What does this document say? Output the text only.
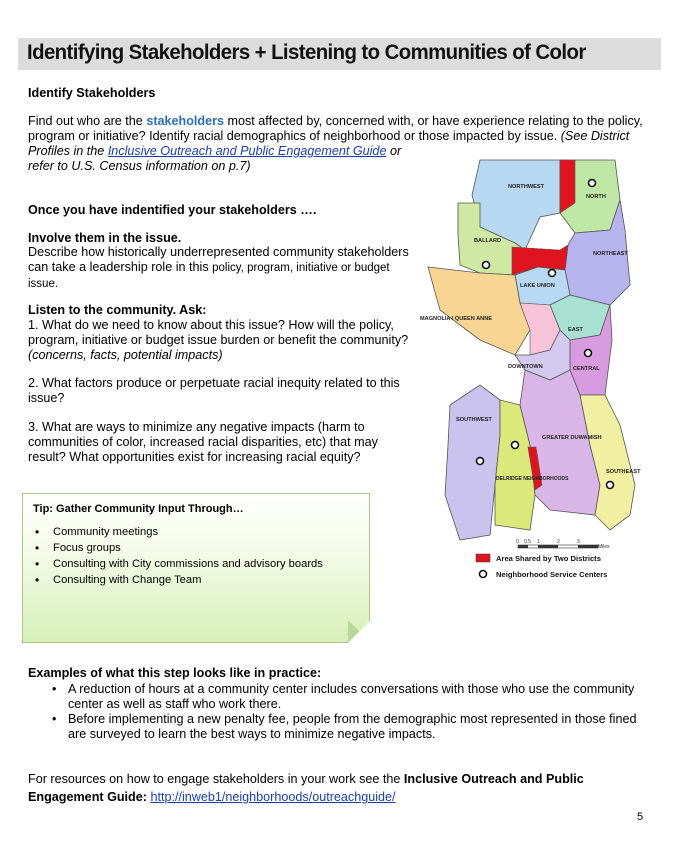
Identifying Stakeholders + Listening to Communities of Color
Identify Stakeholders
Find out who are the stakeholders most affected by, concerned with, or have experience relating to the policy, program or initiative? Identify racial demographics of neighborhood or those impacted by issue. (See District Profiles in the Inclusive Outreach and Public Engagement Guide or
refer to U.S. Census information on p.7)
Once you have indentified your stakeholders ….
Involve them in the issue.
Describe how historically underrepresented community stakeholders can take a leadership role in this policy, program, initiative or budget issue.
Listen to the community. Ask:
1. What do we need to know about this issue? How will the policy, program, initiative or budget issue burden or benefit the community?
(concerns, facts, potential impacts)
2. What factors produce or perpetuate racial inequity related to this issue?
3. What are ways to minimize any negative impacts (harm to communities of color, increased racial disparities, etc) that may result? What opportunities exist for increasing racial equity?
NORTHWEST
NORTH
BALLARD
NORTHEAST
LAKE UNION
MAGNOLIA / QUEEN ANNE
EAST
DOWNTOWN	CENTRAL
SOUTHWEST
GREATER DUWAMISH
SOUTHEAST
DELRIDGE NEIGHBORHOODS
0 0.5 1	2	3
Miles
Area Shared by Two Districts
Neighborhood Service Centers
Tip: Gather Community Input Through…
• Community meetings
• Focus groups
• Consulting with City commissions and advisory boards
• Consulting with Change Team
Examples of what this step looks like in practice:
• A reduction of hours at a community center includes conversations with those who use the community center as well as staff who work there.
• Before implementing a new penalty fee, people from the demographic most represented in those fined are surveyed to learn the best ways to minimize negative impacts.
For resources on how to engage stakeholders in your work see the Inclusive Outreach and Public Engagement Guide: http://inweb1/neighborhoods/outreachguide/
5
